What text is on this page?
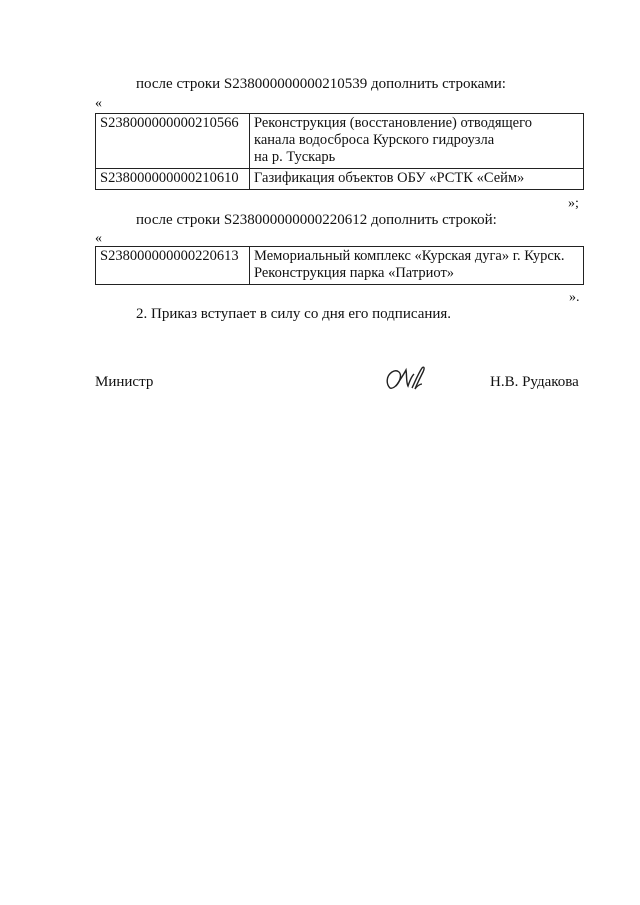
после строки S238000000000210539 дополнить строками:
«
S238000000000210566	Реконструкция (восстановление) отводящего
канала водосброса Курского гидроузла
на р. Тускарь

S238000000000210610	Газификация объектов ОБУ «РСТК «Сейм»
»;
после строки S238000000000220612 дополнить строкой:
«
S238000000000220613	Мемориальный комплекс «Курская дуга» г. Курск.
Реконструкция парка «Патриот»
».
2. Приказ вступает в силу со дня его подписания.
Министр	Н.В. Рудакова
